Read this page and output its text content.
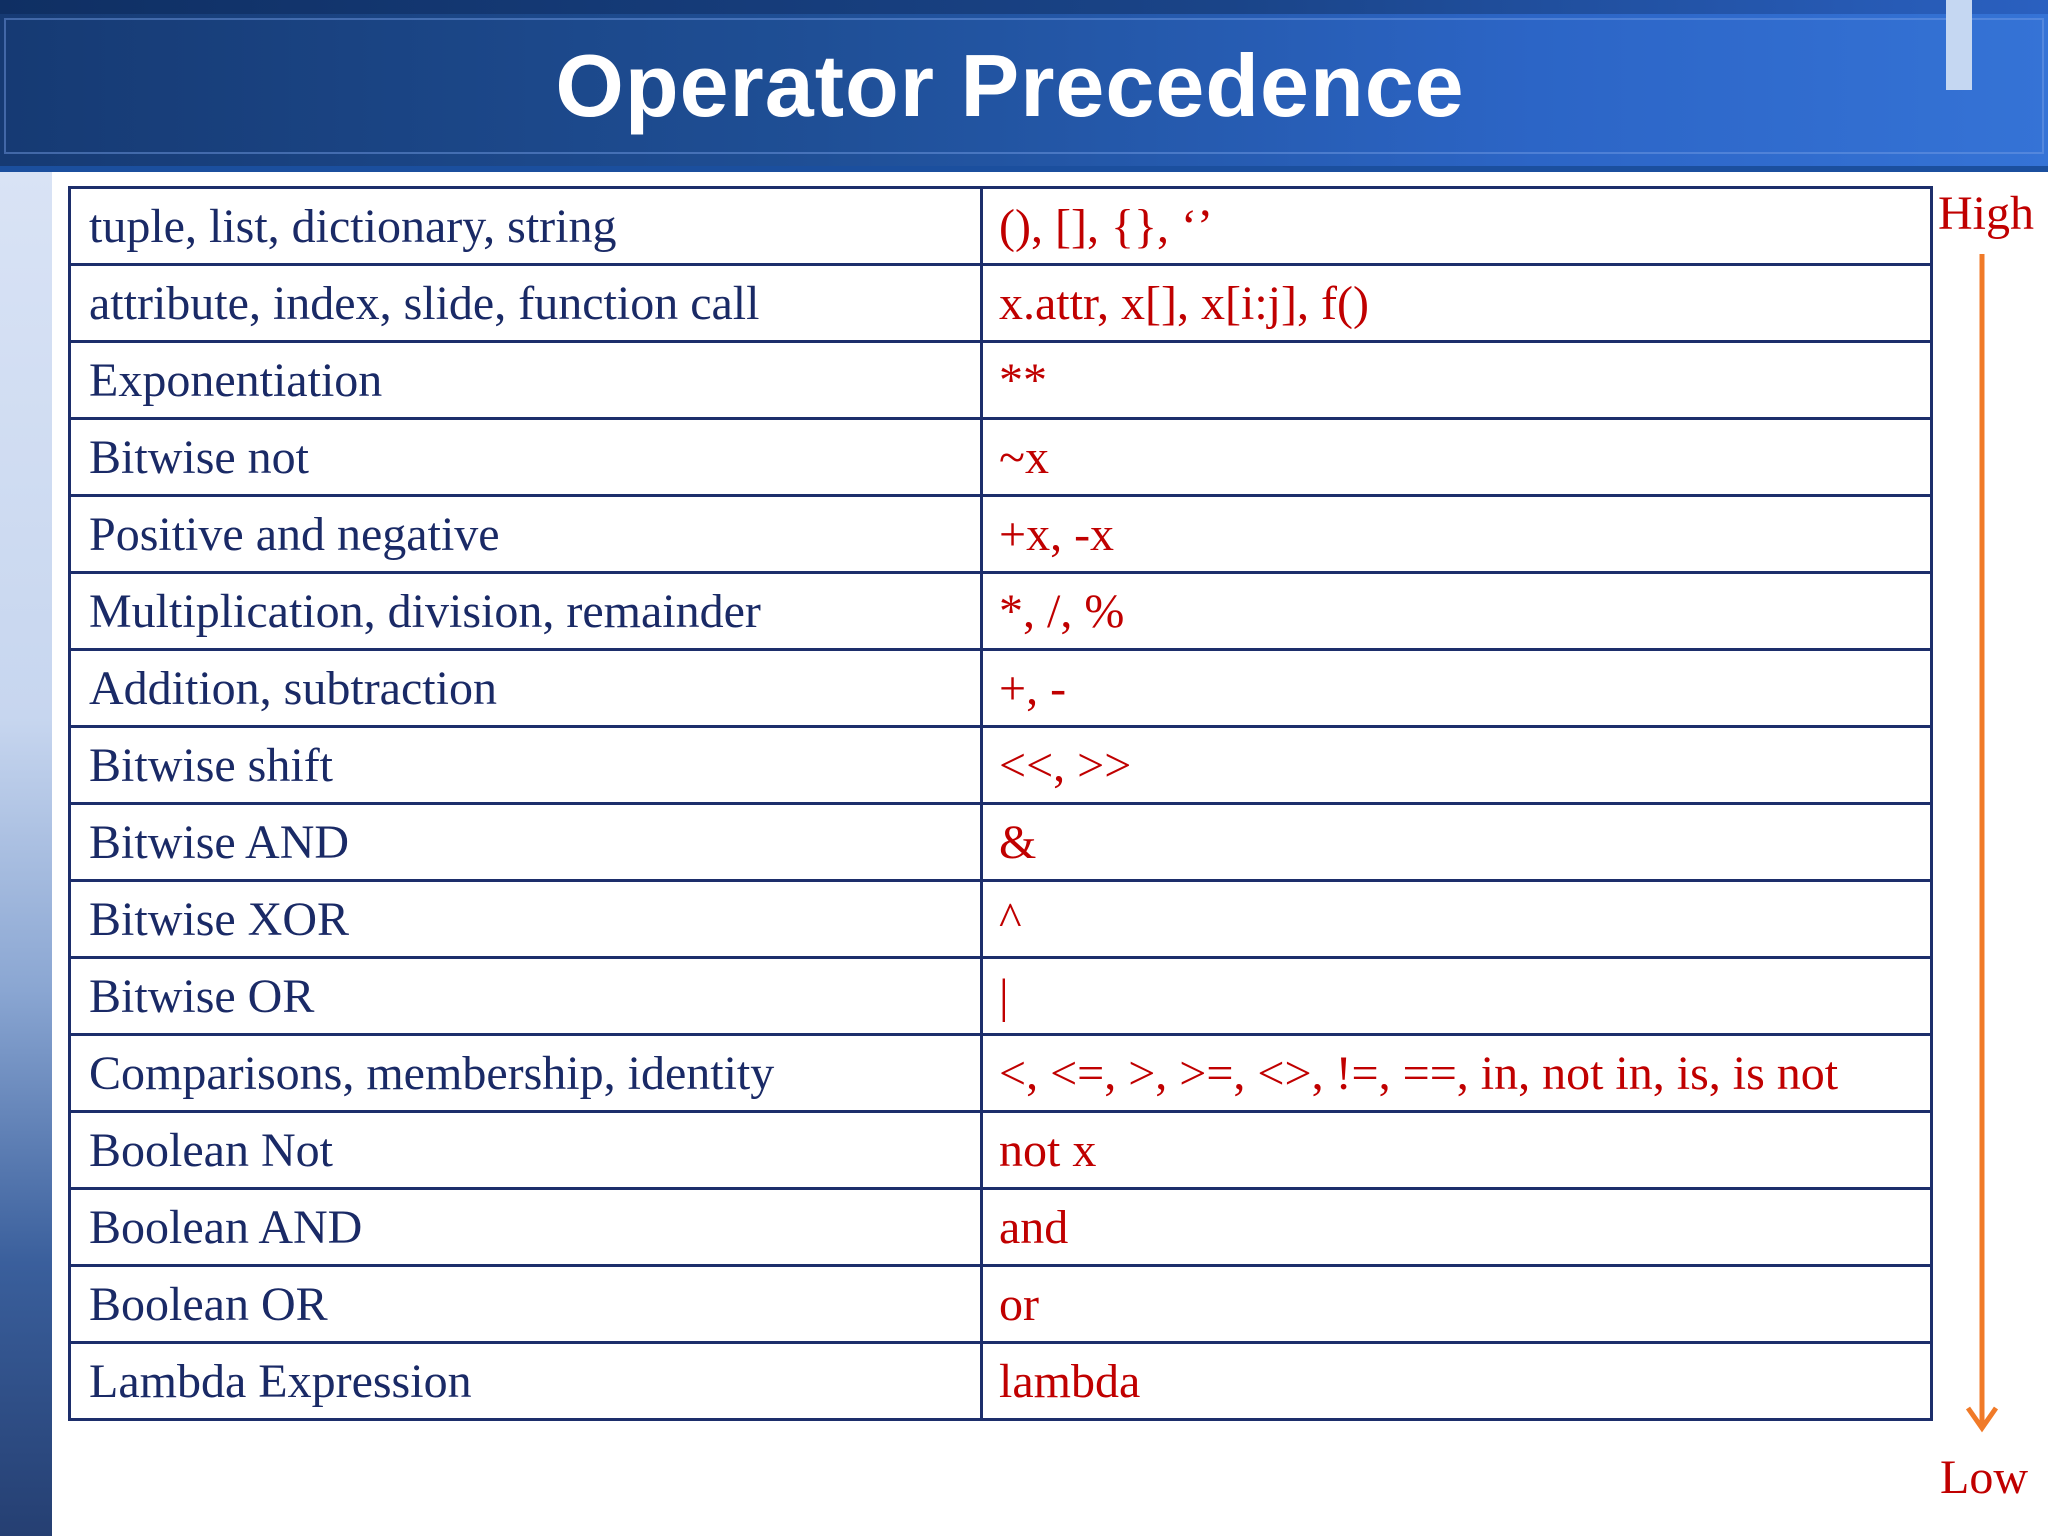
Operator Precedence
tuple, list, dictionary, string	(), [], {}, ‘’
attribute, index, slide, function call	x.attr, x[], x[i:j], f()
Exponentiation	**
Bitwise not	~x
Positive and negative	+x, -x
Multiplication, division, remainder	*, /, %
Addition, subtraction	+, -
Bitwise shift	<<, >>
Bitwise AND	&
Bitwise XOR	^
Bitwise OR	|
Comparisons, membership, identity	<, <=, >, >=, <>, !=, ==, in, not in, is, is not
Boolean Not	not x
Boolean AND	and
Boolean OR	or
Lambda Expression	lambda
High
Low
